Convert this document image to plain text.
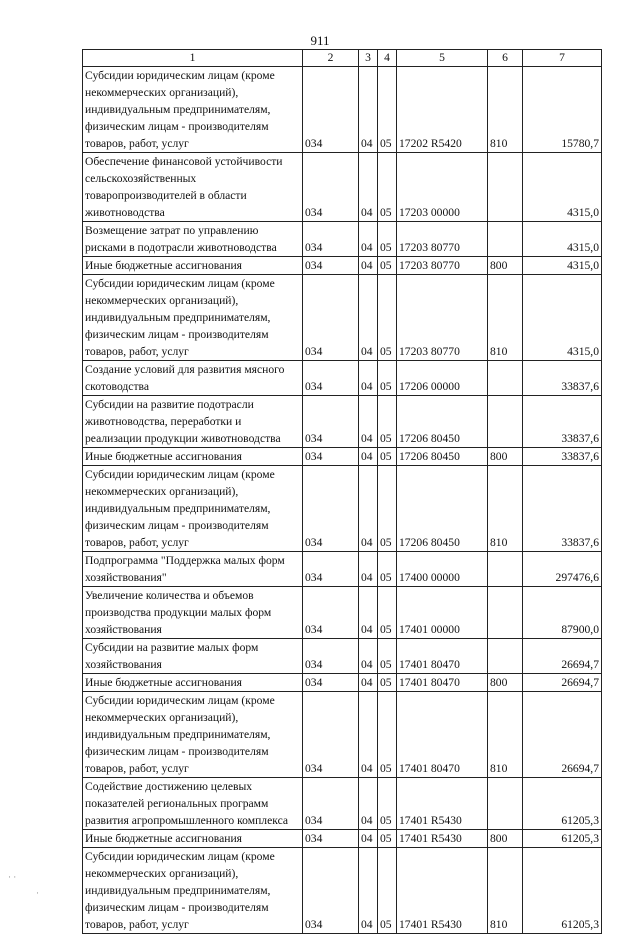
911
1	2	3	4	5	6	7
Субсидии юридическим лицам (кроме некоммерческих организаций), индивидуальным предпринимателям, физическим лицам - производителям товаров, работ, услуг	034	04	05	17202 R5420	810	15780,7
Обеспечение финансовой устойчивости сельскохозяйственных товаропроизводителей в области животноводства	034	04	05	17203 00000		4315,0
Возмещение затрат по управлению рисками в подотрасли животноводства	034	04	05	17203 80770		4315,0
Иные бюджетные ассигнования	034	04	05	17203 80770	800	4315,0
Субсидии юридическим лицам (кроме некоммерческих организаций), индивидуальным предпринимателям, физическим лицам - производителям товаров, работ, услуг	034	04	05	17203 80770	810	4315,0
Создание условий для развития мясного скотоводства	034	04	05	17206 00000		33837,6
Субсидии на развитие подотрасли животноводства, переработки и реализации продукции животноводства	034	04	05	17206 80450		33837,6
Иные бюджетные ассигнования	034	04	05	17206 80450	800	33837,6
Субсидии юридическим лицам (кроме некоммерческих организаций), индивидуальным предпринимателям, физическим лицам - производителям товаров, работ, услуг	034	04	05	17206 80450	810	33837,6
Подпрограмма "Поддержка малых форм хозяйствования"	034	04	05	17400 00000		297476,6
Увеличение количества и объемов производства продукции малых форм хозяйствования	034	04	05	17401 00000		87900,0
Субсидии на развитие малых форм хозяйствования	034	04	05	17401 80470		26694,7
Иные бюджетные ассигнования	034	04	05	17401 80470	800	26694,7
Субсидии юридическим лицам (кроме некоммерческих организаций), индивидуальным предпринимателям, физическим лицам - производителям товаров, работ, услуг	034	04	05	17401 80470	810	26694,7
Содействие достижению целевых показателей региональных программ развития агропромышленного комплекса	034	04	05	17401 R5430		61205,3
Иные бюджетные ассигнования	034	04	05	17401 R5430	800	61205,3
Субсидии юридическим лицам (кроме некоммерческих организаций), индивидуальным предпринимателям, физическим лицам - производителям товаров, работ, услуг	034	04	05	17401 R5430	810	61205,3
· ·
·
